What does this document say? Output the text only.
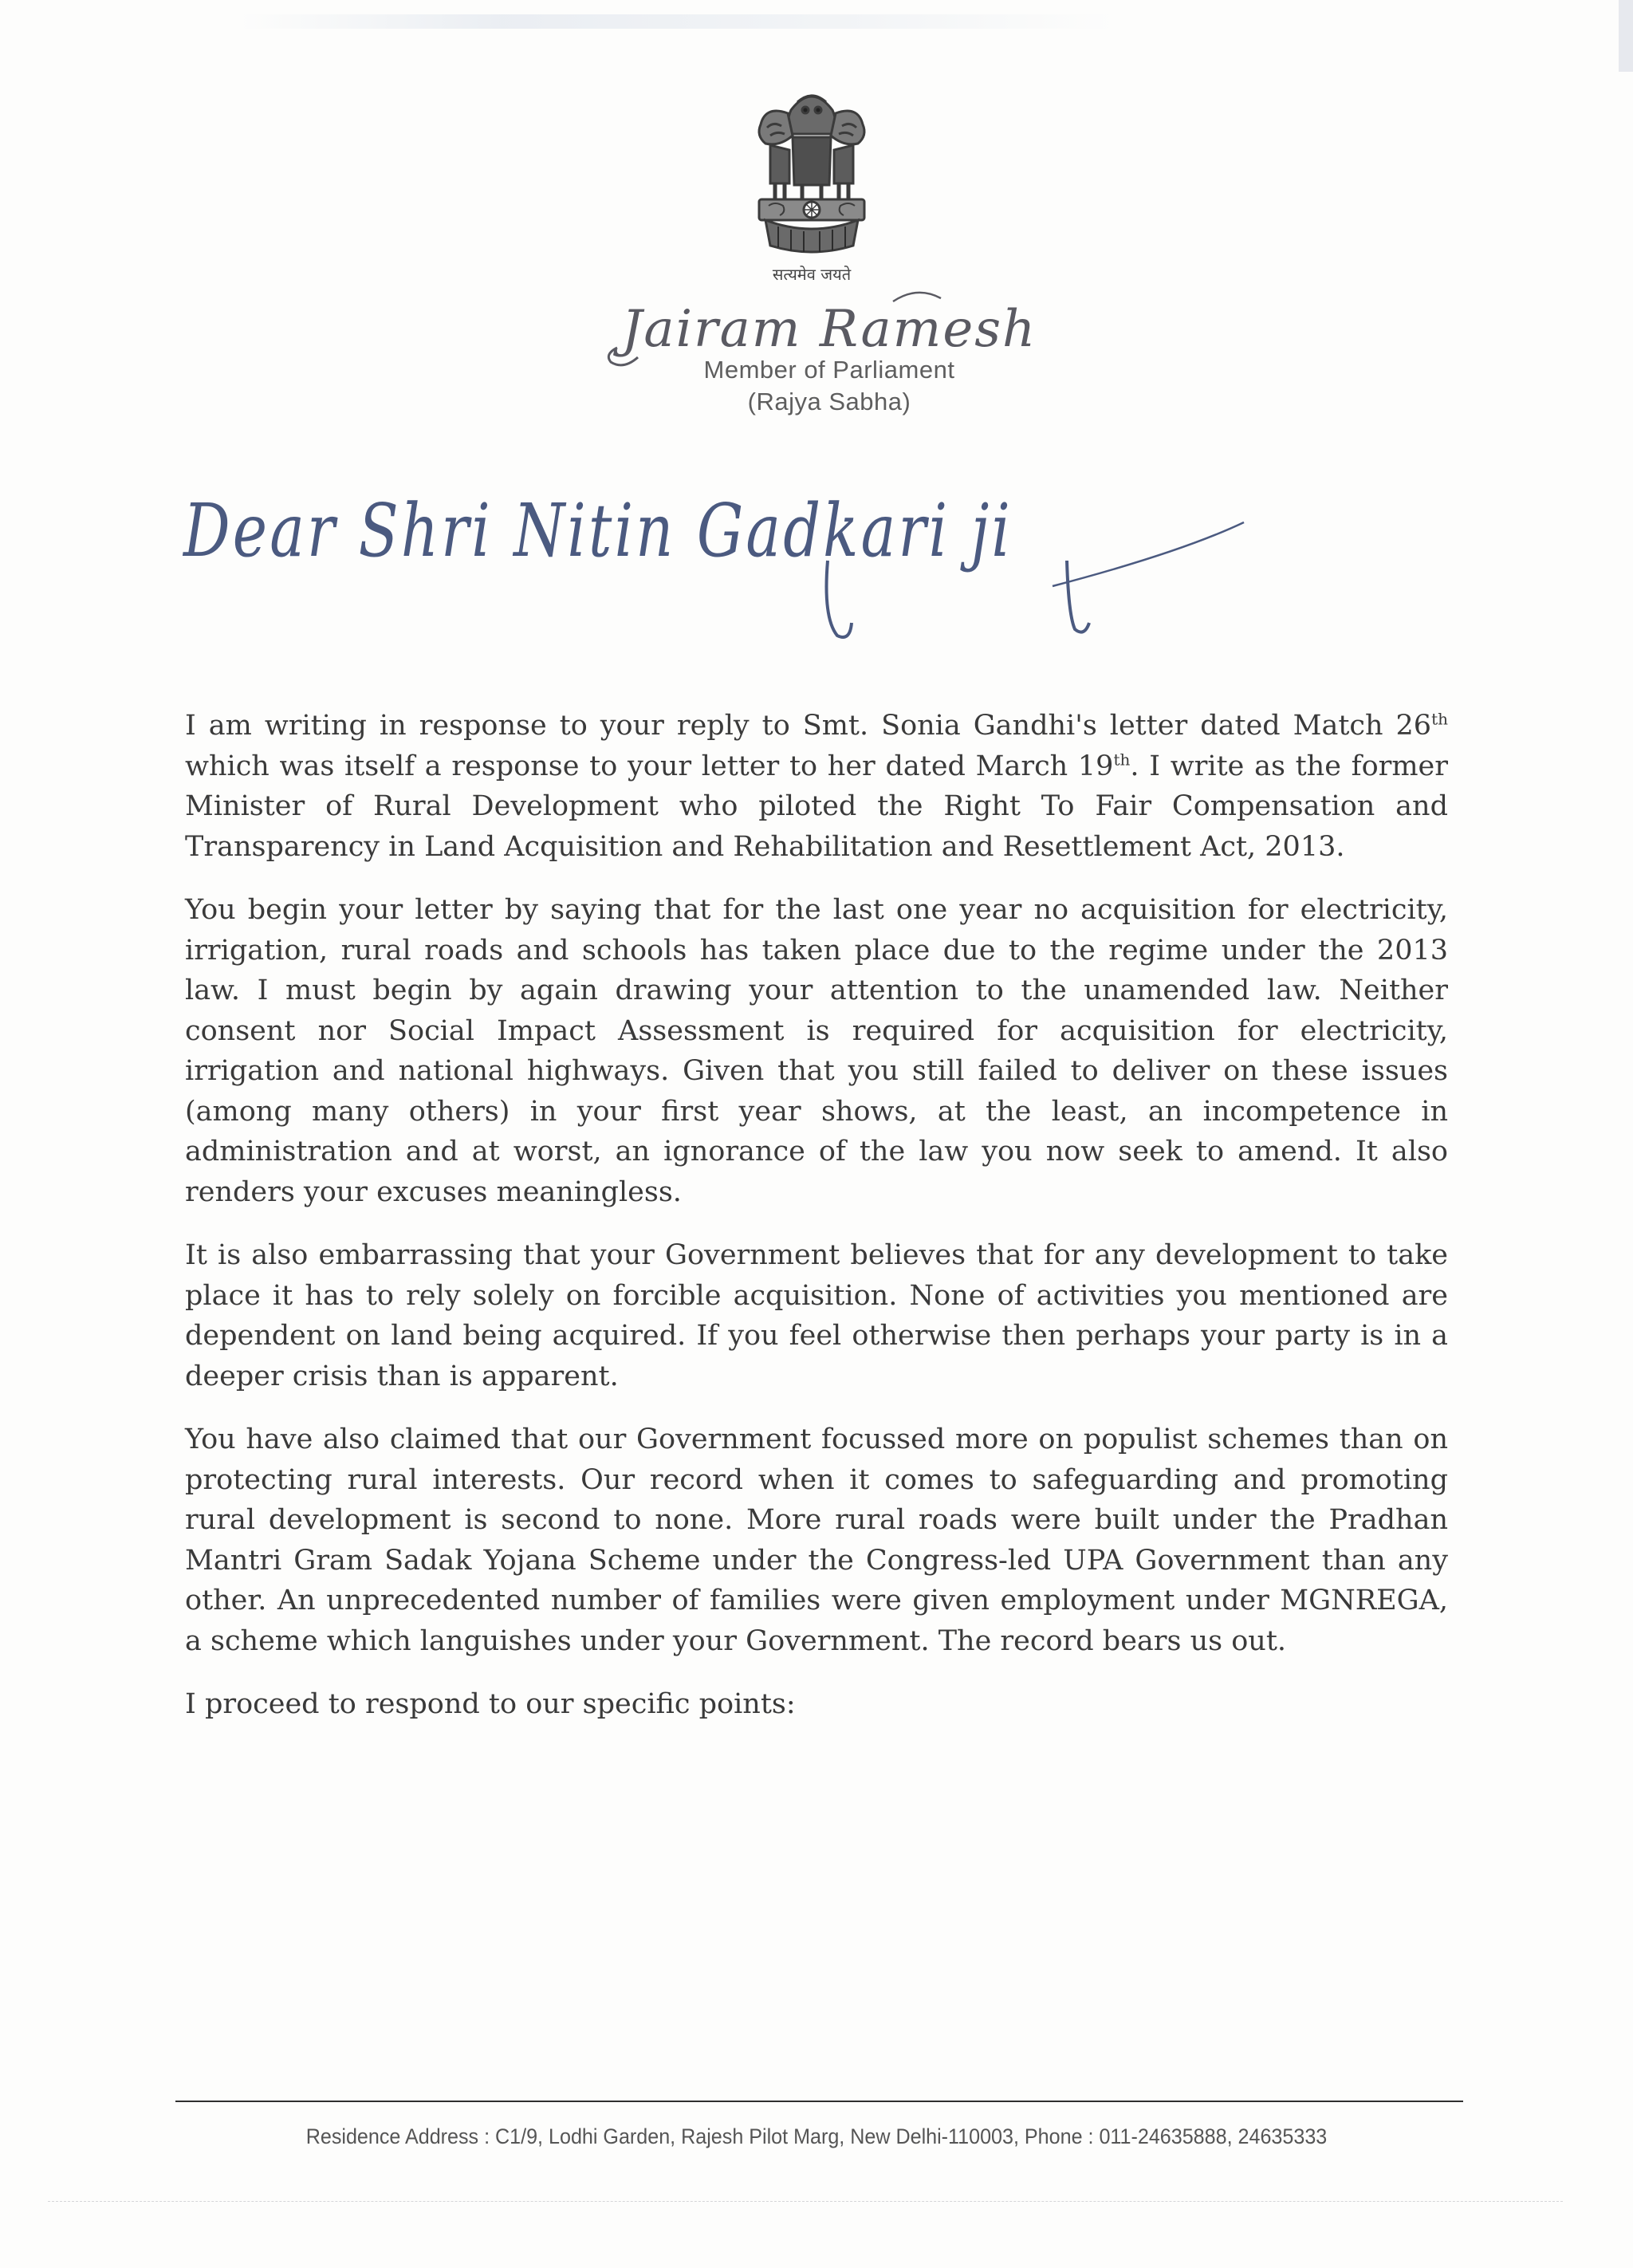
सत्यमेव जयते
Jairam Ramesh
Member of Parliament
(Rajya Sabha)
Dear Shri Nitin Gadkari ji

I am writing in response to your reply to Smt. Sonia Gandhi's letter dated Match 26th which was itself a response to your letter to her dated March 19th. I write as the former Minister of Rural Development who piloted the Right To Fair Compensation and Transparency in Land Acquisition and Rehabilitation and Resettlement Act, 2013.

You begin your letter by saying that for the last one year no acquisition for electricity, irrigation, rural roads and schools has taken place due to the regime under the 2013 law. I must begin by again drawing your attention to the unamended law. Neither consent nor Social Impact Assessment is required for acquisition for electricity, irrigation and national highways. Given that you still failed to deliver on these issues (among many others) in your first year shows, at the least, an incompetence in administration and at worst, an ignorance of the law you now seek to amend. It also renders your excuses meaningless.

It is also embarrassing that your Government believes that for any development to take place it has to rely solely on forcible acquisition. None of activities you mentioned are dependent on land being acquired. If you feel otherwise then perhaps your party is in a deeper crisis than is apparent.

You have also claimed that our Government focussed more on populist schemes than on protecting rural interests. Our record when it comes to safeguarding and promoting rural development is second to none. More rural roads were built under the Pradhan Mantri Gram Sadak Yojana Scheme under the Congress-led UPA Government than any other. An unprecedented number of families were given employment under MGNREGA, a scheme which languishes under your Government. The record bears us out.

I proceed to respond to our specific points:

Residence Address : C1/9, Lodhi Garden, Rajesh Pilot Marg, New Delhi-110003, Phone : 011-24635888, 24635333
